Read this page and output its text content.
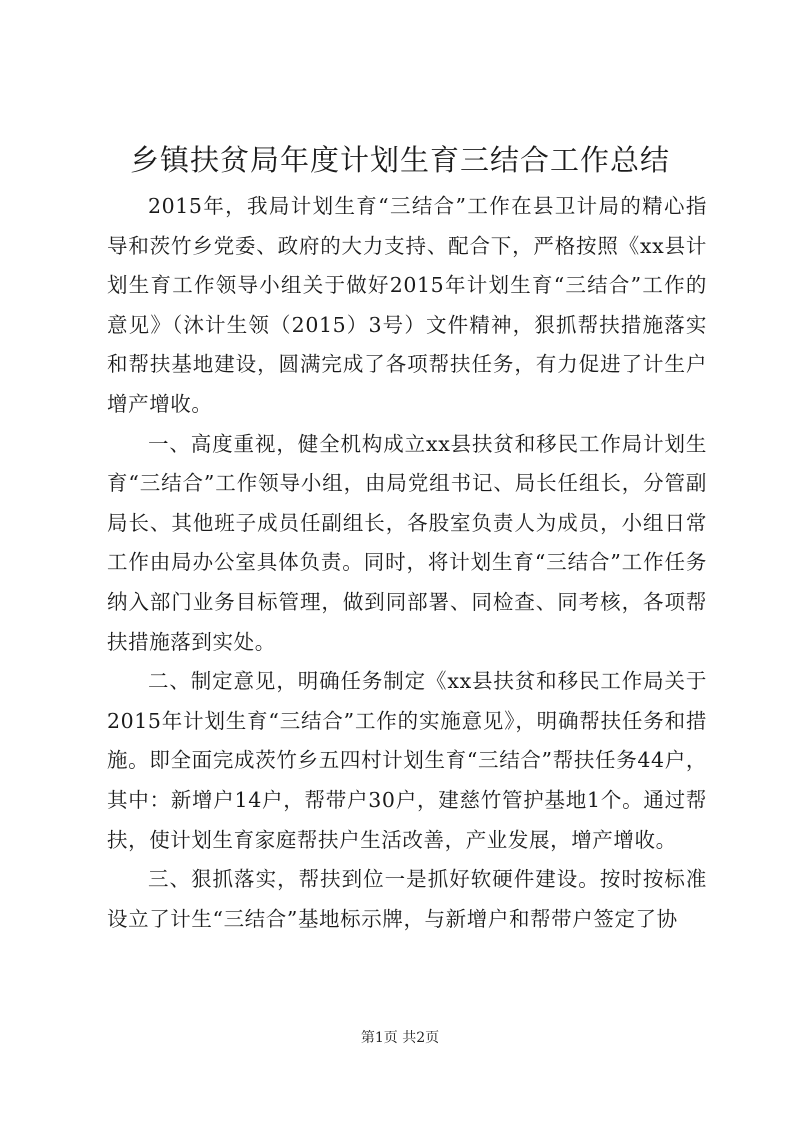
乡镇扶贫局年度计划生育三结合工作总结

2015年，我局计划生育“三结合”工作在县卫计局的精心指导和茨竹乡党委、政府的大力支持、配合下，严格按照《xx县计划生育工作领导小组关于做好2015年计划生育“三结合”工作的意见》（沐计生领（2015）3号）文件精神，狠抓帮扶措施落实和帮扶基地建设，圆满完成了各项帮扶任务，有力促进了计生户增产增收。

一、高度重视，健全机构成立xx县扶贫和移民工作局计划生育“三结合”工作领导小组，由局党组书记、局长任组长，分管副局长、其他班子成员任副组长，各股室负责人为成员，小组日常工作由局办公室具体负责。同时，将计划生育“三结合”工作任务纳入部门业务目标管理，做到同部署、同检查、同考核，各项帮扶措施落到实处。

二、制定意见，明确任务制定《xx县扶贫和移民工作局关于2015年计划生育“三结合”工作的实施意见》，明确帮扶任务和措施。即全面完成茨竹乡五四村计划生育“三结合”帮扶任务44户，其中：新增户14户，帮带户30户，建慈竹管护基地1个。通过帮扶，使计划生育家庭帮扶户生活改善，产业发展，增产增收。

三、狠抓落实，帮扶到位一是抓好软硬件建设。按时按标准设立了计生“三结合”基地标示牌，与新增户和帮带户签定了协

第1页 共2页
